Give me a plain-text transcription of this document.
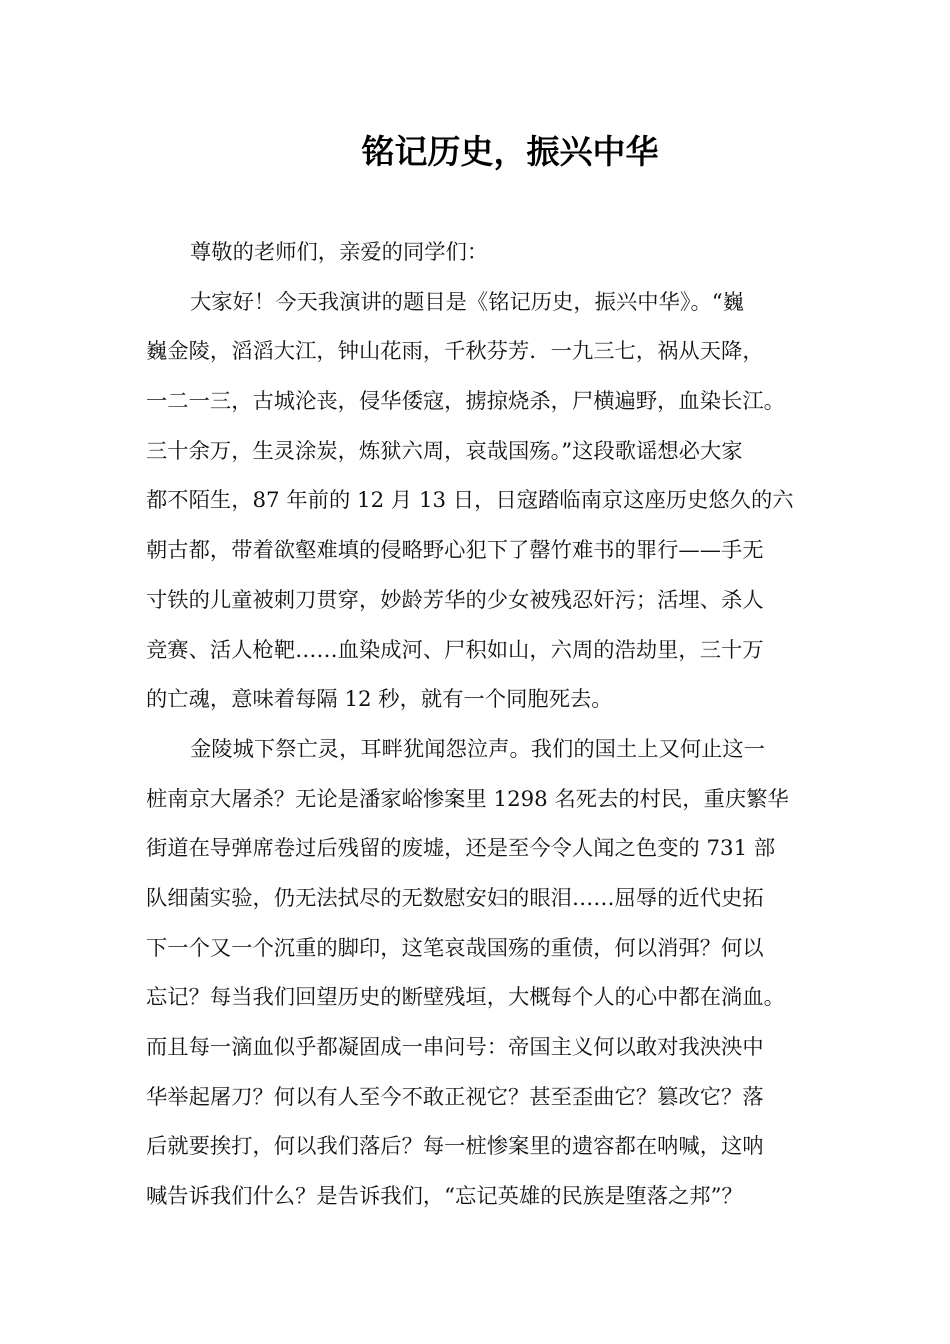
铭记历史，振兴中华
尊敬的老师们，亲爱的同学们：
大家好！今天我演讲的题目是《铭记历史，振兴中华》。“巍
巍金陵，滔滔大江，钟山花雨，千秋芬芳．一九三七，祸从天降，
一二一三，古城沦丧，侵华倭寇，掳掠烧杀，尸横遍野，血染长江。
三十余万，生灵涂炭，炼狱六周，哀哉国殇。”这段歌谣想必大家
都不陌生，87 年前的 12 月 13 日，日寇踏临南京这座历史悠久的六
朝古都，带着欲壑难填的侵略野心犯下了罄竹难书的罪行——手无
寸铁的儿童被刺刀贯穿，妙龄芳华的少女被残忍奸污；活埋、杀人
竞赛、活人枪靶……血染成河、尸积如山，六周的浩劫里，三十万
的亡魂，意味着每隔 12 秒，就有一个同胞死去。
金陵城下祭亡灵，耳畔犹闻怨泣声。我们的国土上又何止这一
桩南京大屠杀？无论是潘家峪惨案里 1298 名死去的村民，重庆繁华
街道在导弹席卷过后残留的废墟，还是至今令人闻之色变的 731 部
队细菌实验，仍无法拭尽的无数慰安妇的眼泪……屈辱的近代史拓
下一个又一个沉重的脚印，这笔哀哉国殇的重债，何以消弭？何以
忘记？每当我们回望历史的断壁残垣，大概每个人的心中都在淌血。
而且每一滴血似乎都凝固成一串问号：帝国主义何以敢对我泱泱中
华举起屠刀？何以有人至今不敢正视它？甚至歪曲它？篡改它？落
后就要挨打，何以我们落后？每一桩惨案里的遗容都在呐喊，这呐
喊告诉我们什么？是告诉我们，“忘记英雄的民族是堕落之邦”？
